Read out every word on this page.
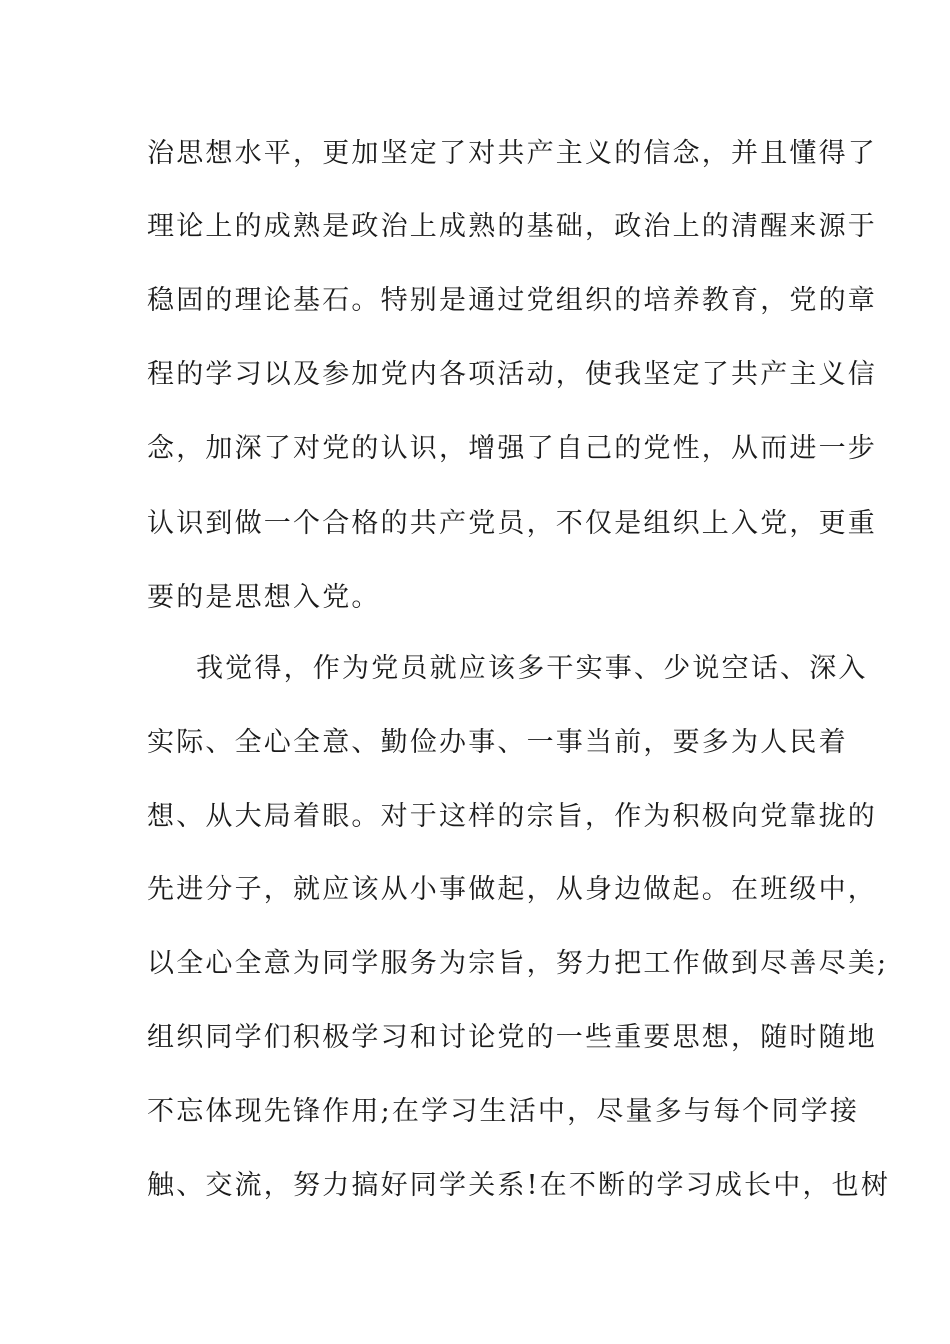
治思想水平，更加坚定了对共产主义的信念，并且懂得了
理论上的成熟是政治上成熟的基础，政治上的清醒来源于
稳固的理论基石。特别是通过党组织的培养教育，党的章
程的学习以及参加党内各项活动，使我坚定了共产主义信
念，加深了对党的认识，增强了自己的党性，从而进一步
认识到做一个合格的共产党员，不仅是组织上入党，更重
要的是思想入党。
我觉得，作为党员就应该多干实事、少说空话、深入
实际、全心全意、勤俭办事、一事当前，要多为人民着
想、从大局着眼。对于这样的宗旨，作为积极向党靠拢的
先进分子，就应该从小事做起，从身边做起。在班级中，
以全心全意为同学服务为宗旨，努力把工作做到尽善尽美;
组织同学们积极学习和讨论党的一些重要思想，随时随地
不忘体现先锋作用;在学习生活中，尽量多与每个同学接
触、交流，努力搞好同学关系!在不断的学习成长中，也树
